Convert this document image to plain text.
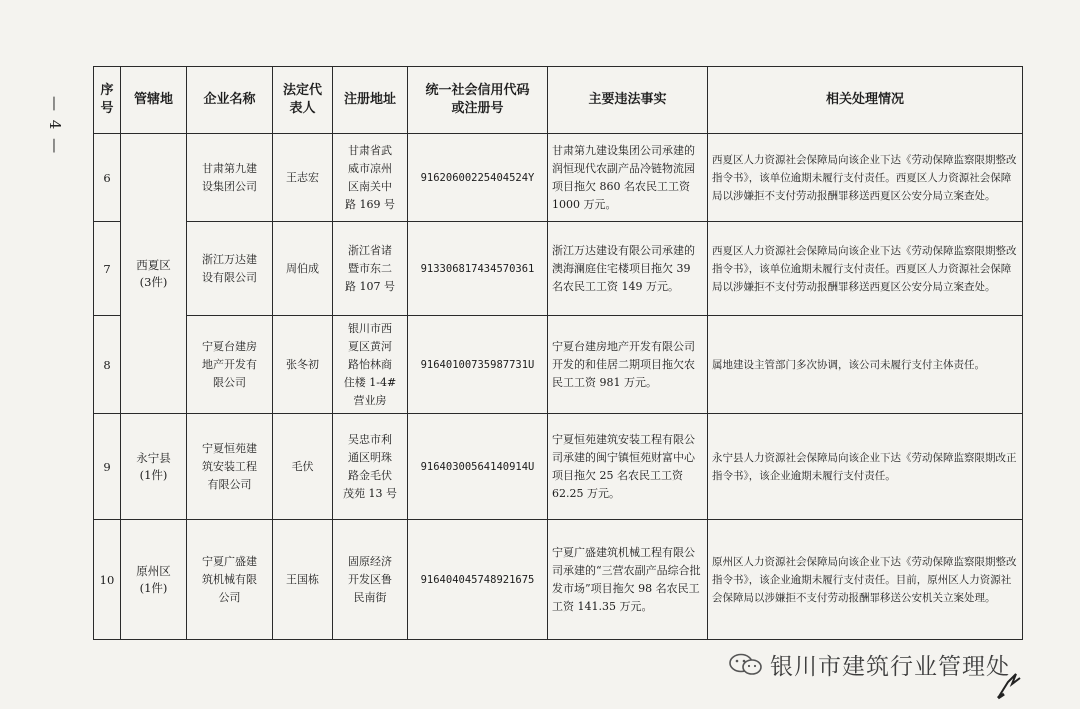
— 4 —
序
号	管辖地	企业名称	法定代
表人	注册地址	统一社会信用代码
或注册号	主要违法事实	相关处理情况
6	西夏区
(3件)	甘肃第九建
设集团公司	王志宏	甘肃省武
威市凉州
区南关中
路 169 号	91620600225404524Y	甘肃第九建设集团公司承建的润恒现代农副产品冷链物流园项目拖欠 860 名农民工工资 1000 万元。	西夏区人力资源社会保障局向该企业下达《劳动保障监察限期整改指令书》，该单位逾期未履行支付责任。西夏区人力资源社会保障局以涉嫌拒不支付劳动报酬罪移送西夏区公安分局立案查处。
7		浙江万达建
设有限公司	周伯成	浙江省诸
暨市东二
路 107 号	913306817434570361	浙江万达建设有限公司承建的澳海澜庭住宅楼项目拖欠 39 名农民工工资 149 万元。	西夏区人力资源社会保障局向该企业下达《劳动保障监察限期整改指令书》，该单位逾期未履行支付责任。西夏区人力资源社会保障局以涉嫌拒不支付劳动报酬罪移送西夏区公安分局立案查处。
8		宁夏台建房
地产开发有
限公司	张冬初	银川市西
夏区黄河
路怡林商
住楼 1-4#
营业房	91640100735987731U	宁夏台建房地产开发有限公司开发的和佳居二期项目拖欠农民工工资 981 万元。	属地建设主管部门多次协调，该公司未履行支付主体责任。
9	永宁县
(1件)	宁夏恒苑建
筑安装工程
有限公司	毛伏	吴忠市利
通区明珠
路金毛伏
茂苑 13 号	91640300564140914U	宁夏恒苑建筑安装工程有限公司承建的闽宁镇恒苑财富中心项目拖欠 25 名农民工工资 62.25 万元。	永宁县人力资源社会保障局向该企业下达《劳动保障监察限期改正指令书》，该企业逾期未履行支付责任。
10	原州区
(1件)	宁夏广盛建
筑机械有限
公司	王国栋	固原经济
开发区鲁
民南街	916404045748921675	宁夏广盛建筑机械工程有限公司承建的“三营农副产品综合批发市场”项目拖欠 98 名农民工工资 141.35 万元。	原州区人力资源社会保障局向该企业下达《劳动保障监察限期整改指令书》，该企业逾期未履行支付责任。目前，原州区人力资源社会保障局以涉嫌拒不支付劳动报酬罪移送公安机关立案处理。
银川市建筑行业管理处
